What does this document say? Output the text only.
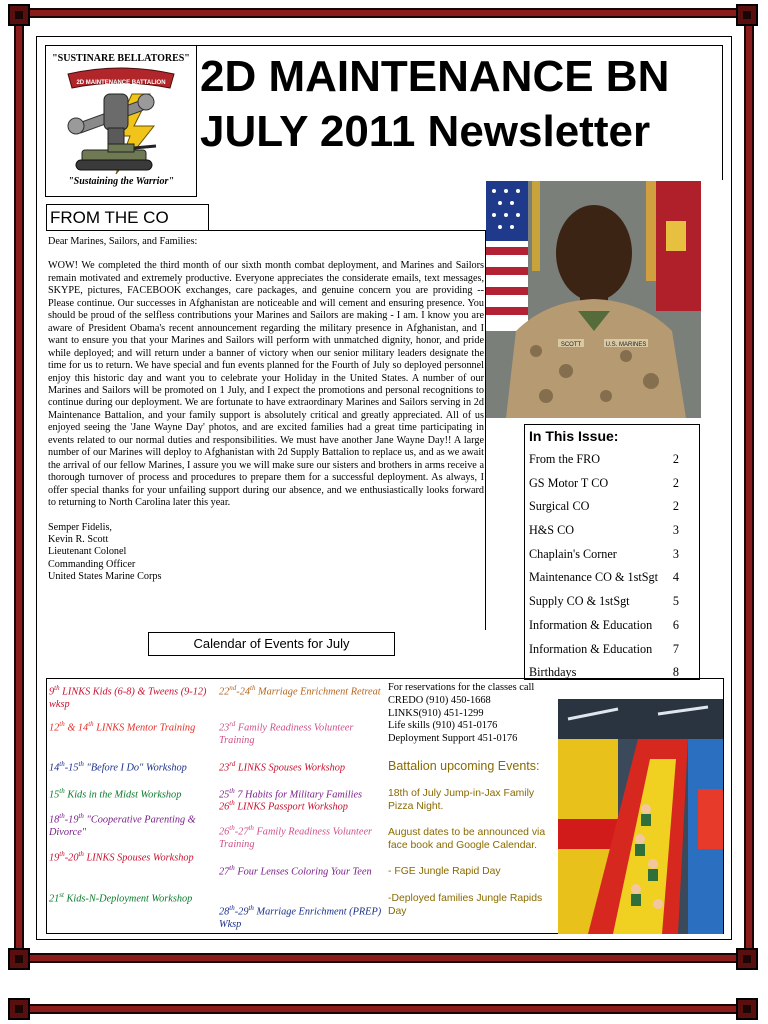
"SUSTINARE BELLATORES"
2D MAINTENANCE BATTALION
"Sustaining the Warrior"
2D MAINTENANCE BN
JULY 2011 Newsletter
SCOTT	U.S. MARINES
FROM THE CO

Dear Marines, Sailors, and Families:

WOW! We completed the third month of our sixth month combat deployment, and Marines and Sailors remain motivated and extremely productive. Everyone appreciates the considerate emails, text messages, SKYPE, pictures, FACEBOOK exchanges, care packages, and genuine concern you are providing -- Please continue. Our successes in Afghanistan are noticeable and will cement and ensuring presence. You should be proud of the selfless contributions your Marines and Sailors are making - I am. I know you are aware of President Obama's recent announcement regarding the military presence in Afghanistan, and I want to ensure you that your Marines and Sailors will perform with unmatched dignity, honor, and pride while deployed; and will return under a banner of victory when our senior military leaders designate the time for us to return. We have special and fun events planned for the Fourth of July so deployed personnel enjoy this historic day and want you to celebrate your Holiday in the United States. A number of our Marines and Sailors will be promoted on 1 July, and I expect the promotions and personal recognitions to continue during our deployment. We are fortunate to have extraordinary Marines and Sailors serving in 2d Maintenance Battalion, and your family support is absolutely critical and greatly appreciated. All of us enjoyed seeing the 'Jane Wayne Day' photos, and are excited families had a great time participating in events related to our normal duties and responsibilities. We must have another Jane Wayne Day!! A large number of our Marines will deploy to Afghanistan with 2d Supply Battalion to replace us, and as we await the arrival of our fellow Marines, I assure you we will make sure our sisters and brothers in arms receive a thorough turnover of process and procedures to prepare them for a successful deployment. As always, I offer special thanks for your unfailing support during our absence, and we enthusiastically looks forward to returning to North Carolina later this year.

Semper Fidelis,
Kevin R. Scott
Lieutenant Colonel
Commanding Officer
United States Marine Corps
In This Issue:
From the FRO	2
GS Motor T CO	2
Surgical CO	2
H&S CO	3
Chaplain's Corner	3
Maintenance CO & 1stSgt 4
Supply CO & 1stSgt	5
Information & Education 6
Information & Education 7
Birthdays	8
Calendar of Events for July
9th LINKS Kids (6-8) & Tweens (9-12) wksp
12th & 14th LINKS Mentor Training
14th-15th "Before I Do" Workshop
15th Kids in the Midst Workshop
18th-19th "Cooperative Parenting & Divorce"
19th-20th LINKS Spouses Workshop
21st Kids-N-Deployment Workshop
22nd-24th Marriage Enrichment Retreat
23rd Family Readiness Volunteer Training
23rd LINKS Spouses Workshop
25th 7 Habits for Military Families
26th LINKS Passport Workshop
26th-27th Family Readiness Volunteer Training
27th Four Lenses Coloring Your Teen
28th-29th Marriage Enrichment (PREP) Wksp
For reservations for the classes call
CREDO (910) 450-1668
LINKS(910) 451-1299
Life skills (910) 451-0176
Deployment Support 451-0176
Battalion upcoming Events:
18th of July Jump-in-Jax Family Pizza Night.
August dates to be announced via face book and Google Calendar.
- FGE Jungle Rapid Day
-Deployed families Jungle Rapids Day
